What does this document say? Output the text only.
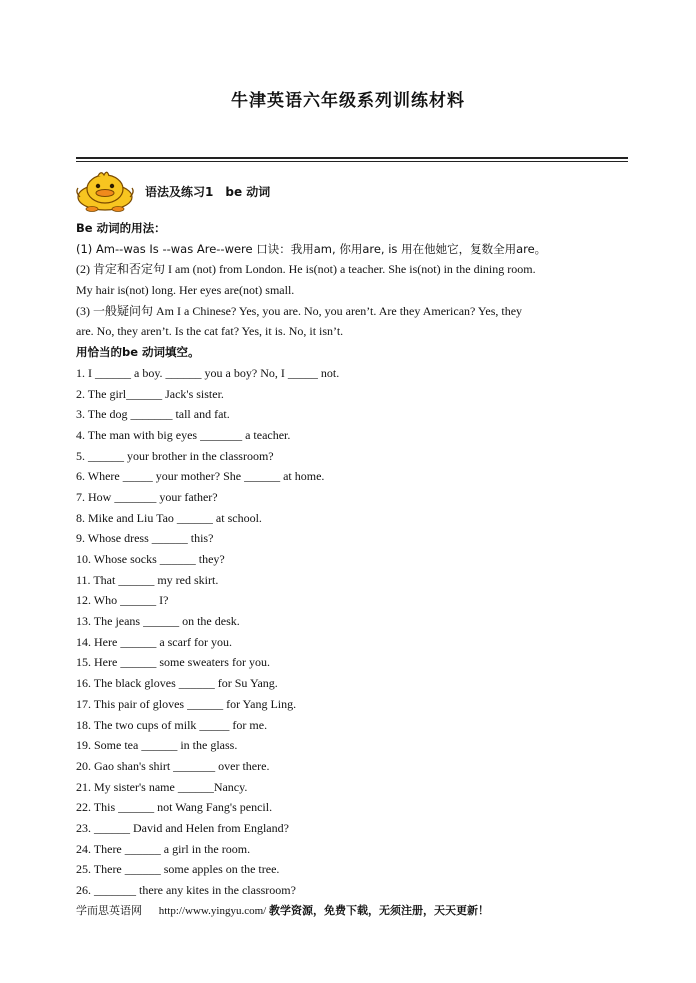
牛津英语六年级系列训练材料
语法及练习1　be 动词
Be 动词的用法：
(1) Am--was Is --was Are--were 口诀：我用am, 你用are, is 用在他她它，复数全用are。
(2) 肯定和否定句 I am (not) from London. He is(not) a teacher. She is(not) in the dining room.
My hair is(not) long. Her eyes are(not) small.
(3) 一般疑问句 Am I a Chinese? Yes, you are. No, you aren’t. Are they American? Yes, they
are. No, they aren’t. Is the cat fat? Yes, it is. No, it isn’t.
用恰当的be 动词填空。
1. I ______ a boy. ______ you a boy? No, I _____ not.
2. The girl______ Jack's sister.
3. The dog _______ tall and fat.
4. The man with big eyes _______ a teacher.
5. ______ your brother in the classroom?
6. Where _____ your mother? She ______ at home.
7. How _______ your father?
8. Mike and Liu Tao ______ at school.
9. Whose dress ______ this?
10. Whose socks ______ they?
11. That ______ my red skirt.
12. Who ______ I?
13. The jeans ______ on the desk.
14. Here ______ a scarf for you.
15. Here ______ some sweaters for you.
16. The black gloves ______ for Su Yang.
17. This pair of gloves ______ for Yang Ling.
18. The two cups of milk _____ for me.
19. Some tea ______ in the glass.
20. Gao shan's shirt _______ over there.
21. My sister's name ______Nancy.
22. This ______ not Wang Fang's pencil.
23. ______ David and Helen from England?
24. There ______ a girl in the room.
25. There ______ some apples on the tree.
26. _______ there any kites in the classroom?
学而思英语网 http://www.yingyu.com/ 教学资源，免费下载，无须注册，天天更新！
